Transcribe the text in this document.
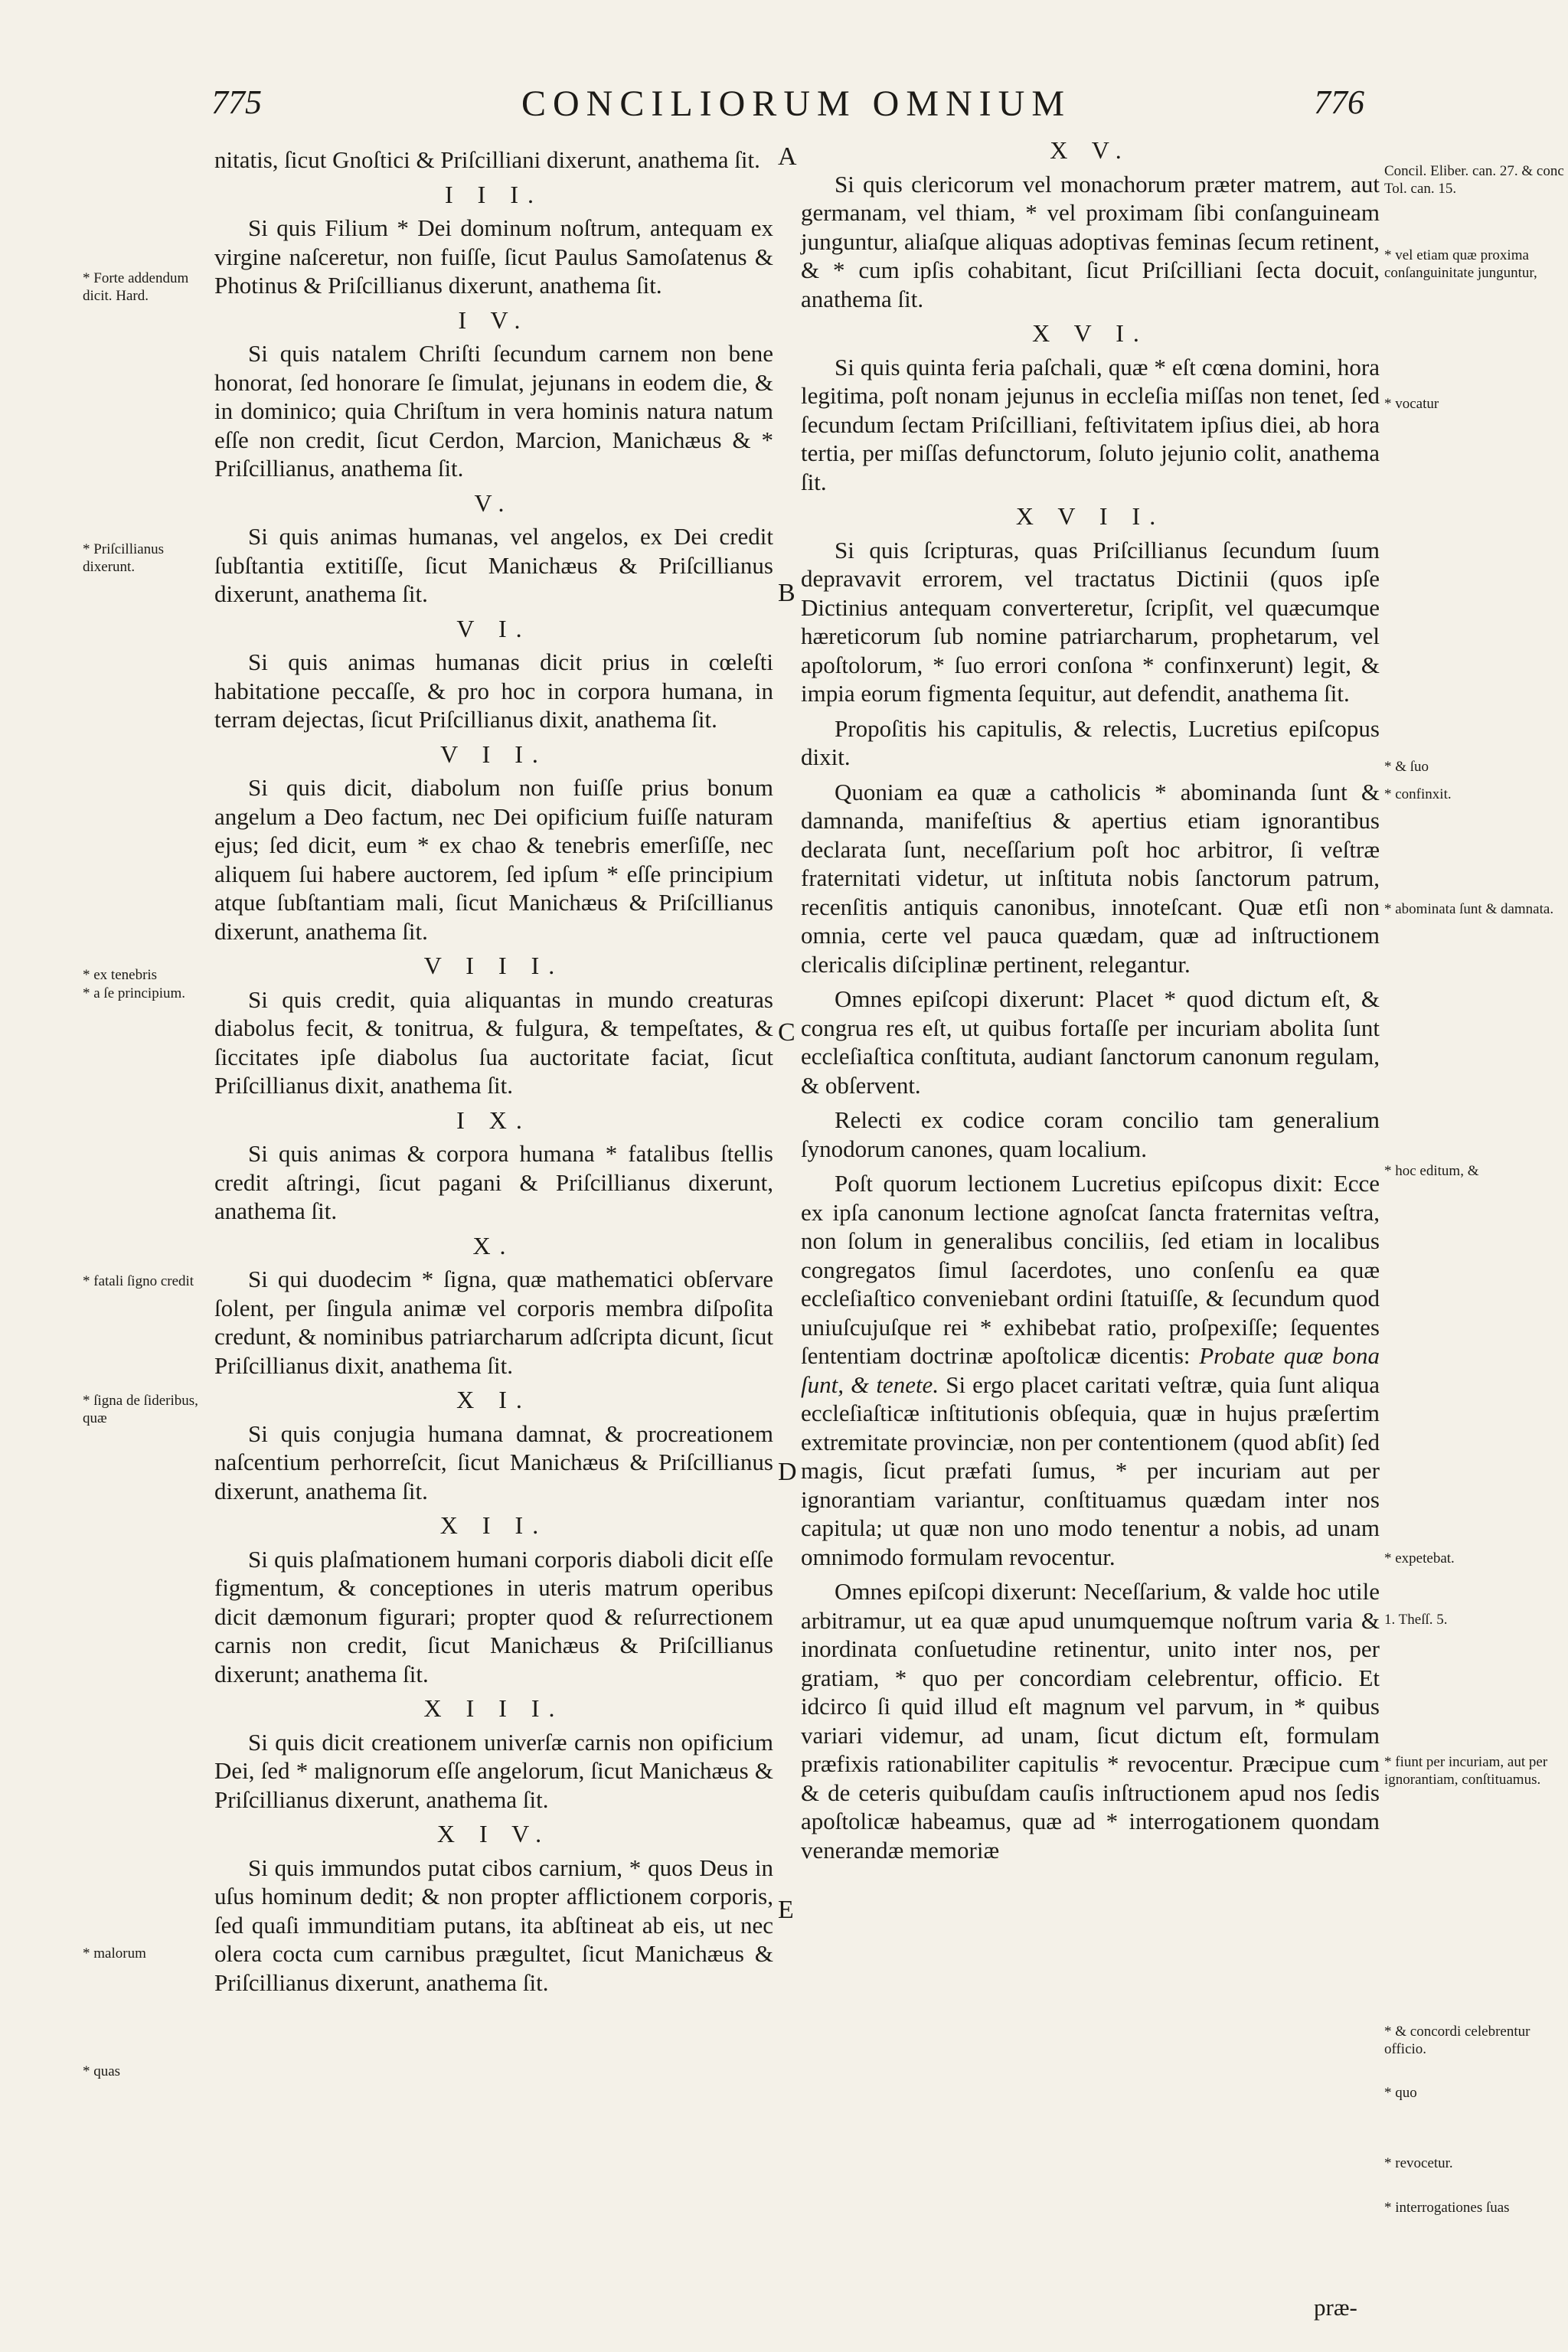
775	CONCILIORUM OMNIUM	776

nitatis, ſicut Gnoſtici & Priſcilliani dixerunt, anathema ſit.

I I I.

Si quis Filium * Dei dominum noſtrum, antequam ex virgine naſceretur, non fuiſſe, ſicut Paulus Samoſatenus & Photinus & Priſcillianus dixerunt, anathema ſit.

I V.

Si quis natalem Chriſti ſecundum carnem non bene honorat, ſed honorare ſe ſimulat, jejunans in eodem die, & in dominico; quia Chriſtum in vera hominis natura natum eſſe non credit, ſicut Cerdon, Marcion, Manichæus & * Priſcillianus, anathema ſit.

V.

Si quis animas humanas, vel angelos, ex Dei credit ſubſtantia extitiſſe, ſicut Manichæus & Priſcillianus dixerunt, anathema ſit.

V I.

Si quis animas humanas dicit prius in cœleſti habitatione peccaſſe, & pro hoc in corpora humana, in terram dejectas, ſicut Priſcillianus dixit, anathema ſit.

V I I.

Si quis dicit, diabolum non fuiſſe prius bonum angelum a Deo factum, nec Dei opificium fuiſſe naturam ejus; ſed dicit, eum * ex chao & tenebris emerſiſſe, nec aliquem ſui habere auctorem, ſed ipſum * eſſe principium atque ſubſtantiam mali, ſicut Manichæus & Priſcillianus dixerunt, anathema ſit.

V I I I.

Si quis credit, quia aliquantas in mundo creaturas diabolus fecit, & tonitrua, & fulgura, & tempeſtates, & ſiccitates ipſe diabolus ſua auctoritate faciat, ſicut Priſcillianus dixit, anathema ſit.

I X.

Si quis animas & corpora humana * fatalibus ſtellis credit aſtringi, ſicut pagani & Priſcillianus dixerunt, anathema ſit.

X.

Si qui duodecim * ſigna, quæ mathematici obſervare ſolent, per ſingula animæ vel corporis membra diſpoſita credunt, & nominibus patriarcharum adſcripta dicunt, ſicut Priſcillianus dixit, anathema ſit.

X I.

Si quis conjugia humana damnat, & procreationem naſcentium perhorreſcit, ſicut Manichæus & Priſcillianus dixerunt, anathema ſit.

X I I.

Si quis plaſmationem humani corporis diaboli dicit eſſe figmentum, & conceptiones in uteris matrum operibus dicit dæmonum figurari; propter quod & reſurrectionem carnis non credit, ſicut Manichæus & Priſcillianus dixerunt; anathema ſit.

X I I I.

Si quis dicit creationem univerſæ carnis non opificium Dei, ſed * malignorum eſſe angelorum, ſicut Manichæus & Priſcillianus dixerunt, anathema ſit.

X I V.

Si quis immundos putat cibos carnium, * quos Deus in uſus hominum dedit; & non propter afflictionem corporis, ſed quaſi immunditiam putans, ita abſtineat ab eis, ut nec olera cocta cum carnibus prægultet, ſicut Manichæus & Priſcillianus dixerunt, anathema ſit.

X V.

Si quis clericorum vel monachorum præter matrem, aut germanam, vel thiam, * vel proximam ſibi conſanguineam junguntur, aliaſque aliquas adoptivas feminas ſecum retinent, & * cum ipſis cohabitant, ſicut Priſcilliani ſecta docuit, anathema ſit.

X V I.

Si quis quinta feria paſchali, quæ * eſt cœna domini, hora legitima, poſt nonam jejunus in eccleſia miſſas non tenet, ſed ſecundum ſectam Priſcilliani, feſtivitatem ipſius diei, ab hora tertia, per miſſas defunctorum, ſoluto jejunio colit, anathema ſit.

X V I I.

Si quis ſcripturas, quas Priſcillianus ſecundum ſuum depravavit errorem, vel tractatus Dictinii (quos ipſe Dictinius antequam converteretur, ſcripſit, vel quæcumque hæreticorum ſub nomine patriarcharum, prophetarum, vel apoſtolorum, * ſuo errori conſona * confinxerunt) legit, & impia eorum figmenta ſequitur, aut defendit, anathema ſit.

Propoſitis his capitulis, & relectis, Lucretius epiſcopus dixit.

Quoniam ea quæ a catholicis * abominanda ſunt & damnanda, manifeſtius & apertius etiam ignorantibus declarata ſunt, neceſſarium poſt hoc arbitror, ſi veſtræ fraternitati videtur, ut inſtituta nobis ſanctorum patrum, recenſitis antiquis canonibus, innoteſcant. Quæ etſi non omnia, certe vel pauca quædam, quæ ad inſtructionem clericalis diſciplinæ pertinent, relegantur.

Omnes epiſcopi dixerunt: Placet * quod dictum eſt, & congrua res eſt, ut quibus fortaſſe per incuriam abolita ſunt eccleſiaſtica conſtituta, audiant ſanctorum canonum regulam, & obſervent.

Relecti ex codice coram concilio tam generalium ſynodorum canones, quam localium.

Poſt quorum lectionem Lucretius epiſcopus dixit: Ecce ex ipſa canonum lectione agnoſcat ſancta fraternitas veſtra, non ſolum in generalibus conciliis, ſed etiam in localibus congregatos ſimul ſacerdotes, uno conſenſu ea quæ eccleſiaſtico conveniebant ordini ſtatuiſſe, & ſecundum quod uniuſcujuſque rei * exhibebat ratio, proſpexiſſe; ſequentes ſententiam doctrinæ apoſtolicæ dicentis: Probate quæ bona ſunt, & tenete. Si ergo placet caritati veſtræ, quia ſunt aliqua eccleſiaſticæ inſtitutionis obſequia, quæ in hujus præſertim extremitate provinciæ, non per contentionem (quod abſit) ſed magis, ſicut præfati ſumus, * per incuriam aut per ignorantiam variantur, conſtituamus quædam inter nos capitula; ut quæ non uno modo tenentur a nobis, ad unam omnimodo formulam revocentur.

Omnes epiſcopi dixerunt: Neceſſarium, & valde hoc utile arbitramur, ut ea quæ apud unumquemque noſtrum varia & inordinata conſuetudine retinentur, unito inter nos, per gratiam, * quo per concordiam celebrentur, officio. Et idcirco ſi quid illud eſt magnum vel parvum, in * quibus variari videmur, ad unam, ſicut dictum eſt, formulam præfixis rationabiliter capitulis * revocentur. Præcipue cum & de ceteris quibuſdam cauſis inſtructionem apud nos ſedis apoſtolicæ habeamus, quæ ad * interrogationem quondam venerandæ memoriæ

præ-
A
B
C
D
E
* Forte addendum dicit. Hard.
* Priſcillianus dixerunt.
* ex tenebris
* a ſe principium.
* fatali ſigno credit
* ſigna de ſideribus, quæ
* malorum
* quas
Concil. Eliber. can. 27. & conc Tol. can. 15.
* vel etiam quæ proxima conſanguinitate junguntur,
* vocatur
* & ſuo
* confinxit.
* abominata ſunt & damnata.
* hoc editum, &
* expetebat.
1. Theſſ. 5.
* fiunt per incuriam, aut per ignorantiam, conſtituamus.
* & concordi celebrentur officio.
* quo
* revocetur.
* interrogationes ſuas
